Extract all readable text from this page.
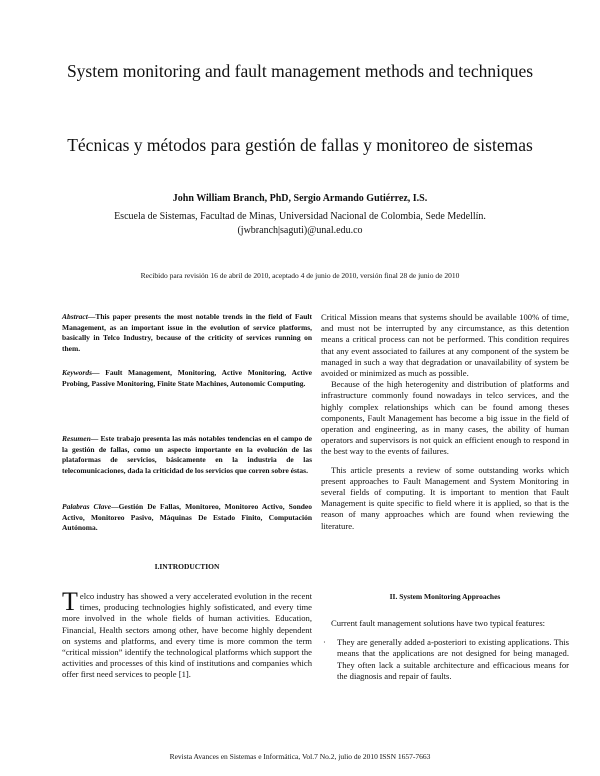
System monitoring and fault management methods and techniques
Técnicas y métodos para gestión de fallas y monitoreo de sistemas
John William Branch, PhD, Sergio Armando Gutiérrez, I.S.
Escuela de Sistemas, Facultad de Minas, Universidad Nacional de Colombia, Sede Medellín.
(jwbranch|saguti)@unal.edu.co
Recibido para revisión 16 de abril de 2010, aceptado 4 de junio de 2010, versión final 28 de junio de 2010
Abstract—This paper presents the most notable trends in the field of Fault Management, as an important issue in the evolution of service platforms, basically in Telco Industry, because of the criticity of services running on them.
Keywords— Fault Management, Monitoring, Active Monitoring, Active Probing, Passive Monitoring, Finite State Machines, Autonomic Computing.
Resumen— Este trabajo presenta las más notables tendencias en el campo de la gestión de fallas, como un aspecto importante en la evolución de las plataformas de servicios, básicamente en la industria de las telecomunicaciones, dada la criticidad de los servicios que corren sobre éstas.
Palabras Clave—Gestión De Fallas, Monitoreo, Monitoreo Activo, Sondeo Activo, Monitoreo Pasivo, Máquinas De Estado Finito, Computación Autónoma.
I.INTRODUCTION

Telco industry has showed a very accelerated evolution in the recent times, producing technologies highly sofisticated, and every time more involved in the whole fields of human activities. Education, Financial, Health sectors among other, have become highly dependent on systems and platforms, and every time is more common the term “critical mission” identify the technological platforms which support the activities and processes of this kind of institutions and companies which offer first need services to people [1].

Critical Mission means that systems should be available 100% of time, and must not be interrupted by any circumstance, as this detention means a critical process can not be performed. This condition requires that any event associated to failures at any component of the system be managed in such a way that degradation or unavailability of system be avoided or minimized as much as possible.

Because of the high heterogenity and distribution of platforms and infrastructure commonly found nowadays in telco services, and the highly complex relationships which can be found among theses components, Fault Management has become a big issue in the field of operation and engineering, as in many cases, the ability of human operators and supervisors is not quick an efficient enough to respond in the best way to the events of failures.

This article presents a review of some outstanding works which present approaches to Fault Management and System Monitoring in several fields of computing. It is important to mention that Fault Management is quite specific to field where it is applied, so that is the reason of many approaches which are found when reviewing the literature.

II. System Monitoring Approaches

Current fault management solutions have two typical features:

· They are generally added a-posteriori to existing applications. This means that the applications are not designed for being managed. They often lack a suitable architecture and efficacious means for the diagnosis and repair of faults.
Revista Avances en Sistemas e Informática, Vol.7 No.2, julio de 2010 ISSN 1657-7663
